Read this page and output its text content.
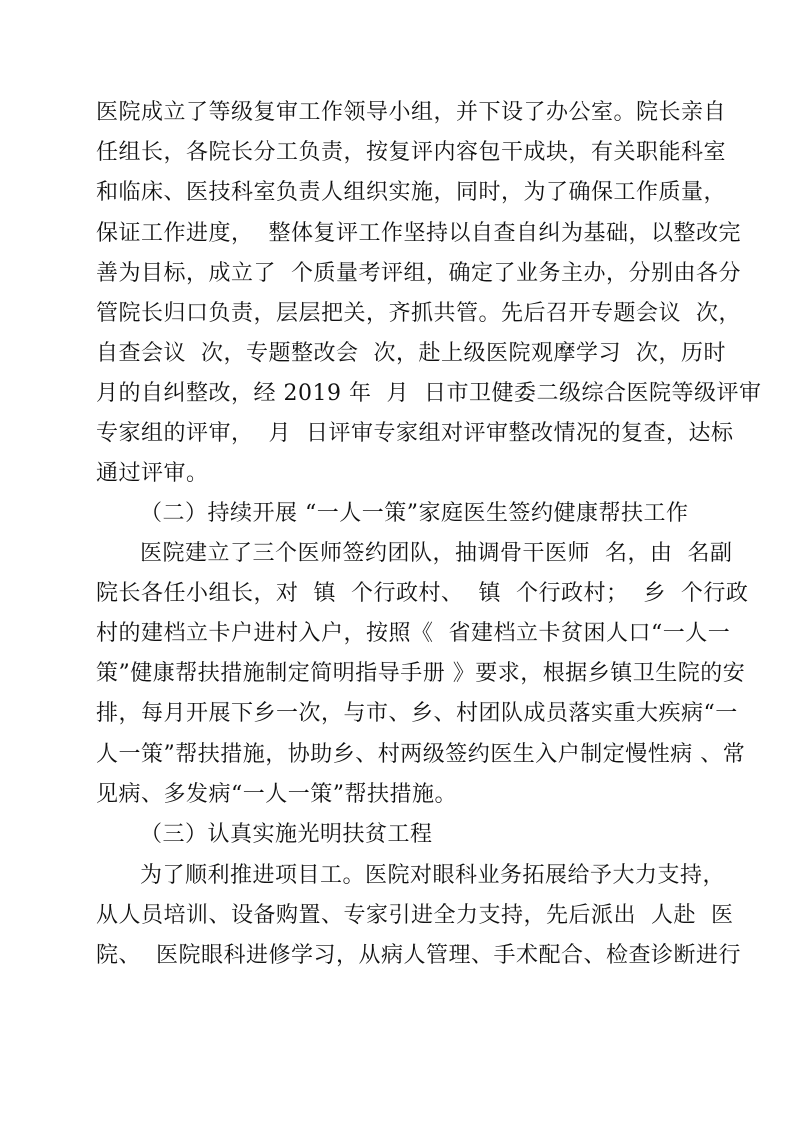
医院成立了等级复审工作领导小组，并下设了办公室。院长亲自
任组长，各院长分工负责，按复评内容包干成块，有关职能科室
和临床、医技科室负责人组织实施，同时，为了确保工作质量，
保证工作进度，  整体复评工作坚持以自查自纠为基础，以整改完
善为目标，成立了  个质量考评组，确定了业务主办，分别由各分
管院长归口负责，层层把关，齐抓共管。先后召开专题会议  次，
自查会议  次，专题整改会  次，赴上级医院观摩学习  次，历时
月的自纠整改，经 2019 年  月  日市卫健委二级综合医院等级评审
专家组的评审，  月  日评审专家组对评审整改情况的复查，达标
通过评审。
（二）持续开展 “一人一策”家庭医生签约健康帮扶工作
医院建立了三个医师签约团队，抽调骨干医师  名，由  名副
院长各任小组长，对  镇  个行政村、  镇  个行政村；  乡  个行政
村的建档立卡户进村入户，按照《  省建档立卡贫困人口“一人一
策”健康帮扶措施制定简明指导手册 》要求，根据乡镇卫生院的安
排，每月开展下乡一次，与市、乡、村团队成员落实重大疾病“一
人一策”帮扶措施，协助乡、村两级签约医生入户制定慢性病 、常
见病、多发病“一人一策”帮扶措施。
（三）认真实施光明扶贫工程
为了顺利推进项目工。医院对眼科业务拓展给予大力支持，
从人员培训、设备购置、专家引进全力支持，先后派出  人赴  医
院、  医院眼科进修学习，从病人管理、手术配合、检查诊断进行
